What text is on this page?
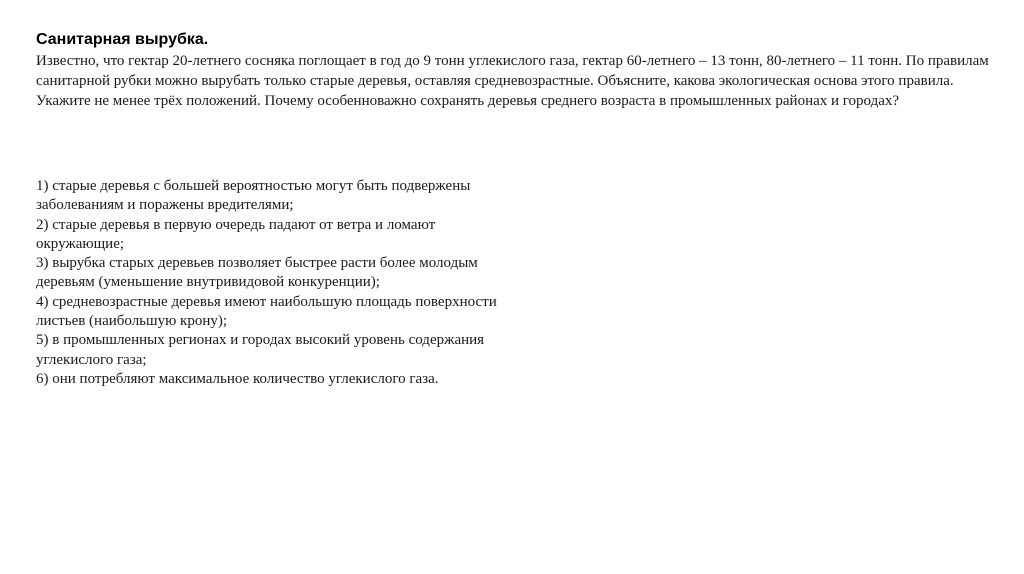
Санитарная вырубка.

Известно, что гектар 20-летнего сосняка поглощает в год до 9 тонн углекислого газа, гектар 60-летнего – 13 тонн, 80-летнего – 11 тонн. По правилам санитарной рубки можно вырубать только старые деревья, оставляя средневозрастные. Объясните, какова экологическая основа этого правила. Укажите не менее трёх положений. Почему особенноважно сохранять деревья среднего возраста в промышленных районах и городах?

1) старые деревья с большей вероятностью могут быть подвержены
заболеваниям и поражены вредителями;
2) старые деревья в первую очередь падают от ветра и ломают
окружающие;
3) вырубка старых деревьев позволяет быстрее расти более молодым
деревьям (уменьшение внутривидовой конкуренции);
4) средневозрастные деревья имеют наибольшую площадь поверхности
листьев (наибольшую крону);
5) в промышленных регионах и городах высокий уровень содержания
углекислого газа;
6) они потребляют максимальное количество углекислого газа.
